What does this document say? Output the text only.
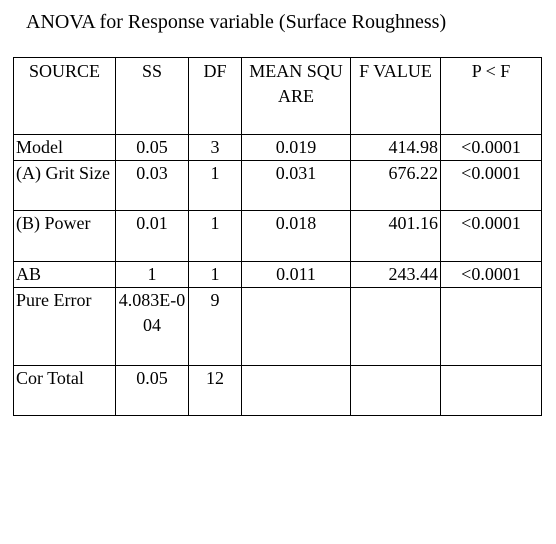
ANOVA for Response variable (Surface Roughness)
SOURCE	SS	DF	MEAN SQUARE	F VALUE	P < F
Model	0.05	3	0.019	414.98	<0.0001
(A) Grit Size	0.03	1	0.031	676.22	<0.0001
(B) Power	0.01	1	0.018	401.16	<0.0001
AB	1	1	0.011	243.44	<0.0001
Pure Error	4.083E-004	9			
Cor Total	0.05	12			
